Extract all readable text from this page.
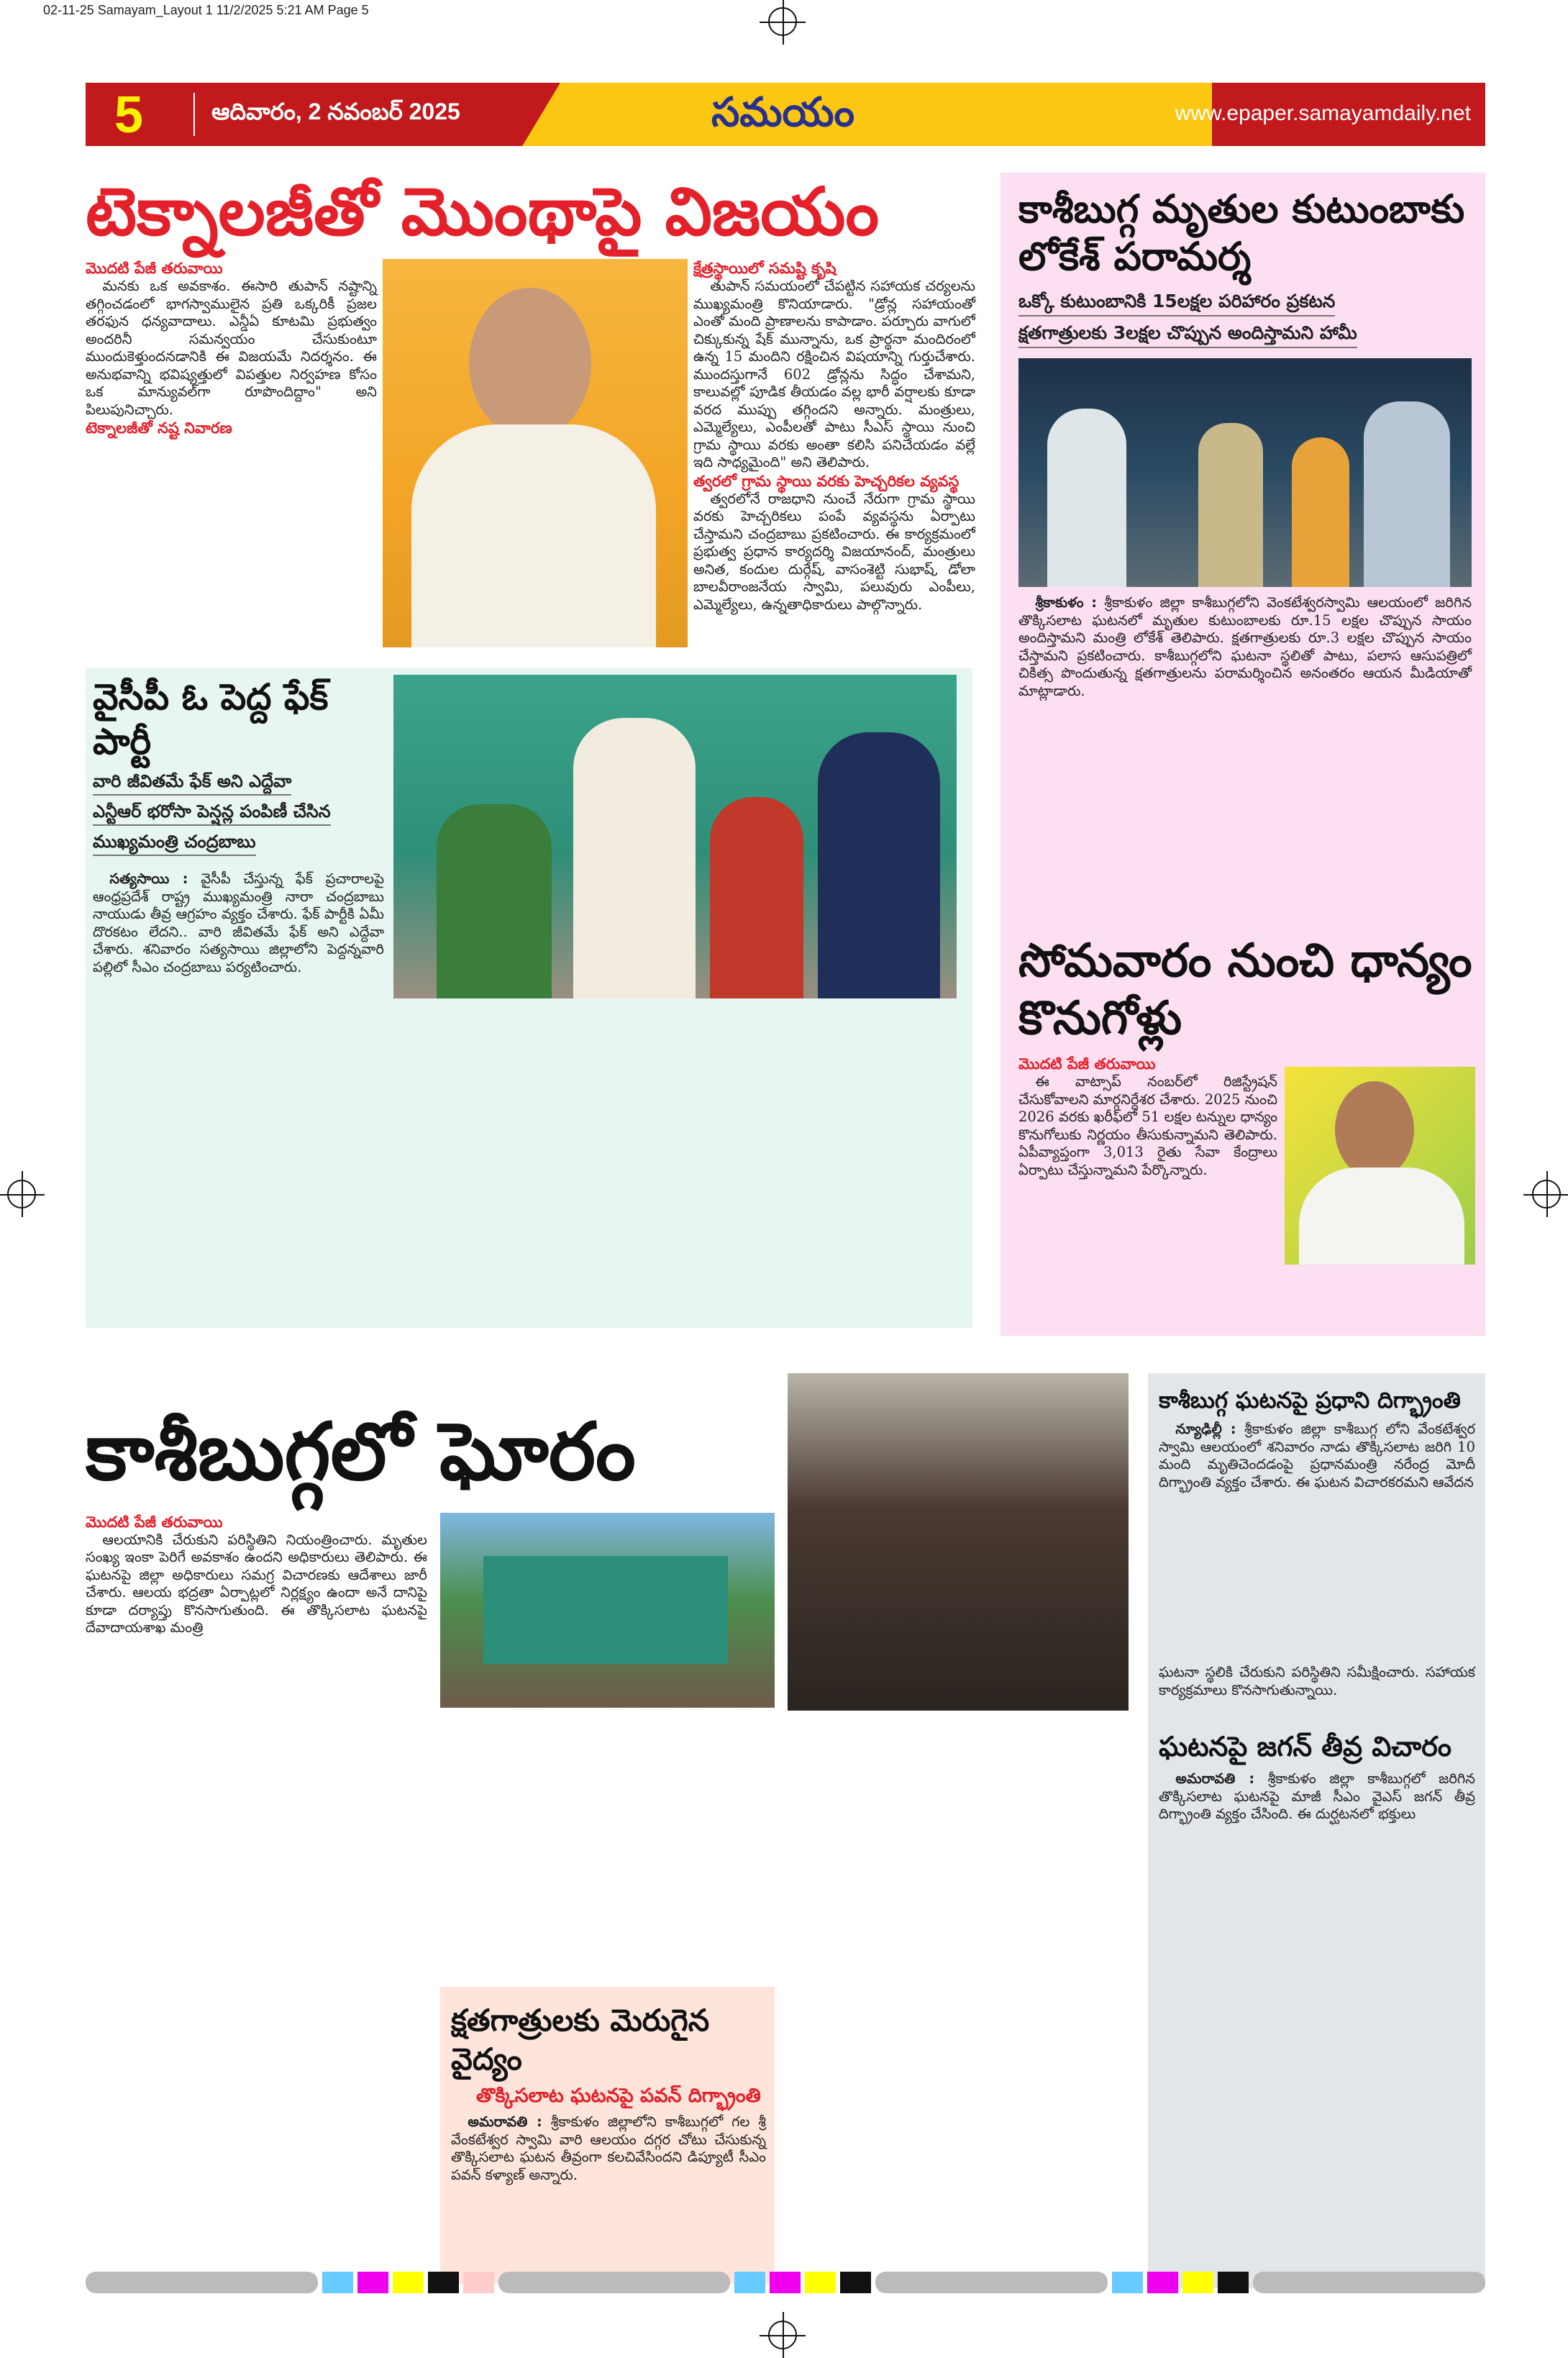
02-11-25 Samayam_Layout 1 11/2/2025 5:21 AM Page 5
5	ఆదివారం, 2 నవంబర్ 2025	సమయం	www.epaper.samayamdaily.net
టెక్నాలజీతో మొంథాపై విజయం
మొదటి పేజీ తరువాయి

మనకు ఒక అవకాశం. ఈసారి తుపాన్ నష్టాన్ని తగ్గించడంలో భాగస్వాములైన ప్రతి ఒక్కరికీ ప్రజల తరఫున ధన్యవాదాలు. ఎన్డీఏ కూటమి ప్రభుత్వం అందరినీ సమన్వయం చేసుకుంటూ ముందుకెళ్తుందనడానికి ఈ విజయమే నిదర్శనం. ఈ అనుభవాన్ని భవిష్యత్తులో విపత్తుల నిర్వహణ కోసం ఒక మాన్యువల్‌గా రూపొందిద్దాం" అని పిలుపునిచ్చారు.

టెక్నాలజీతో నష్ట నివారణ
క్షేత్రస్థాయిలో సమష్టి కృషి

తుపాన్ సమయంలో చేపట్టిన సహాయక చర్యలను ముఖ్యమంత్రి కొనియాడారు. "డ్రోన్ల సహాయంతో ఎంతో మంది ప్రాణాలను కాపాడాం. పర్చూరు వాగులో చిక్కుకున్న షేక్ మున్నాను, ఒక ప్రార్థనా మందిరంలో ఉన్న 15 మందిని రక్షించిన విషయాన్ని గుర్తుచేశారు. ముందస్తుగానే 602 డ్రోన్లను సిద్ధం చేశామని, కాలువల్లో పూడిక తీయడం వల్ల భారీ వర్షాలకు కూడా వరద ముప్పు తగ్గిందని అన్నారు. మంత్రులు, ఎమ్మెల్యేలు, ఎంపీలతో పాటు సీఎస్ స్థాయి నుంచి గ్రామ స్థాయి వరకు అంతా కలిసి పనిచేయడం వల్లే ఇది సాధ్యమైంది" అని తెలిపారు.

త్వరలో గ్రామ స్థాయి వరకు హెచ్చరికల వ్యవస్థ

త్వరలోనే రాజధాని నుంచే నేరుగా గ్రామ స్థాయి వరకు హెచ్చరికలు పంపే వ్యవస్థను ఏర్పాటు చేస్తామని చంద్రబాబు ప్రకటించారు. ఈ కార్యక్రమంలో ప్రభుత్వ ప్రధాన కార్యదర్శి విజయానంద్, మంత్రులు అనిత, కందుల దుర్గేష్, వాసంశెట్టి సుభాష్, డోలా బాలవీరాంజనేయ స్వామి, పలువురు ఎంపీలు, ఎమ్మెల్యేలు, ఉన్నతాధికారులు పాల్గొన్నారు.

వైసీపీ ఓ పెద్ద ఫేక్ పార్టీ
వారి జీవితమే ఫేక్ అని ఎద్దేవా
ఎన్టీఆర్ భరోసా పెన్షన్ల పంపిణీ చేసిన
ముఖ్యమంత్రి చంద్రబాబు

సత్యసాయి : వైసీపీ చేస్తున్న ఫేక్ ప్రచారాలపై ఆంధ్రప్రదేశ్ రాష్ట్ర ముఖ్యమంత్రి నారా చంద్రబాబు నాయుడు తీవ్ర ఆగ్రహం వ్యక్తం చేశారు. ఫేక్ పార్టీకి ఏమీ దొరకటం లేదని.. వారి జీవితమే ఫేక్ అని ఎద్దేవా చేశారు. శనివారం సత్యసాయి జిల్లాలోని పెద్దన్నవారి పల్లిలో సీఎం చంద్రబాబు పర్యటించారు.

కాశీబుగ్గ మృతుల కుటుంబాకు లోకేశ్ పరామర్శ
ఒక్కో కుటుంబానికి 15లక్షల పరిహారం ప్రకటన
క్షతగాత్రులకు 3లక్షల చొప్పున అందిస్తామని హామీ

శ్రీకాకుళం : శ్రీకాకుళం జిల్లా కాశీబుగ్గలోని వెంకటేశ్వరస్వామి ఆలయంలో జరిగిన తొక్కిసలాట ఘటనలో మృతుల కుటుంబాలకు రూ.15 లక్షల చొప్పున సాయం అందిస్తామని మంత్రి లోకేశ్ తెలిపారు. క్షతగాత్రులకు రూ.3 లక్షల చొప్పున సాయం చేస్తామని ప్రకటించారు. కాశీబుగ్గలోని ఘటనా స్థలితో పాటు, పలాస ఆసుపత్రిలో చికిత్స పొందుతున్న క్షతగాత్రులను పరామర్శించిన అనంతరం ఆయన మీడియాతో మాట్లాడారు.

సోమవారం నుంచి ధాన్యం కొనుగోళ్లు
మొదటి పేజీ తరువాయి

ఈ వాట్సాప్ నంబర్‌లో రిజిస్ట్రేషన్ చేసుకోవాలని మార్గనిర్దేశర చేశారు. 2025 నుంచి 2026 వరకు ఖరీఫ్‌లో 51 లక్షల టన్నుల ధాన్యం కొనుగోలుకు నిర్ణయం తీసుకున్నామని తెలిపారు. ఏపీవ్యాప్తంగా 3,013 రైతు సేవా కేంద్రాలు ఏర్పాటు చేస్తున్నామని పేర్కొన్నారు.

కాశీబుగ్గలో ఘోరం
మొదటి పేజీ తరువాయి

ఆలయానికి చేరుకుని పరిస్థితిని నియంత్రించారు. మృతుల సంఖ్య ఇంకా పెరిగే అవకాశం ఉందని అధికారులు తెలిపారు. ఈ ఘటనపై జిల్లా అధికారులు సమగ్ర విచారణకు ఆదేశాలు జారీ చేశారు. ఆలయ భద్రతా ఏర్పాట్లలో నిర్లక్ష్యం ఉందా అనే దానిపై కూడా దర్యాప్తు కొనసాగుతుంది. ఈ తొక్కిసలాట ఘటనపై దేవాదాయశాఖ మంత్రి

క్షతగాత్రులకు మెరుగైన వైద్యం
తొక్కిసలాట ఘటనపై పవన్ దిగ్భ్రాంతి

అమరావతి : శ్రీకాకుళం జిల్లాలోని కాశీబుగ్గలో గల శ్రీ వేంకటేశ్వర స్వామి వారి ఆలయం దగ్గర చోటు చేసుకున్న తొక్కిసలాట ఘటన తీవ్రంగా కలచివేసిందని డిప్యూటీ సీఎం పవన్ కళ్యాణ్ అన్నారు.

కాశీబుగ్గ ఘటనపై ప్రధాని దిగ్భ్రాంతి

న్యూఢిల్లీ : శ్రీకాకుళం జిల్లా కాశీబుగ్గ లోని వేంకటేశ్వర స్వామి ఆలయంలో శనివారం నాడు తొక్కిసలాట జరిగి 10 మంది మృతిచెందడంపై ప్రధానమంత్రి నరేంద్ర మోదీ దిగ్భ్రాంతి వ్యక్తం చేశారు. ఈ ఘటన విచారకరమని ఆవేదన

ఘటనా స్థలికి చేరుకుని పరిస్థితిని సమీక్షించారు. సహాయక కార్యక్రమాలు కొనసాగుతున్నాయి.

ఘటనపై జగన్ తీవ్ర విచారం

అమరావతి : శ్రీకాకుళం జిల్లా కాశీబుగ్గలో జరిగిన తొక్కిసలాట ఘటనపై మాజీ సీఎం వైఎస్ జగన్ తీవ్ర దిగ్భ్రాంతి వ్యక్తం చేసింది. ఈ దుర్ఘటనలో భక్తులు
